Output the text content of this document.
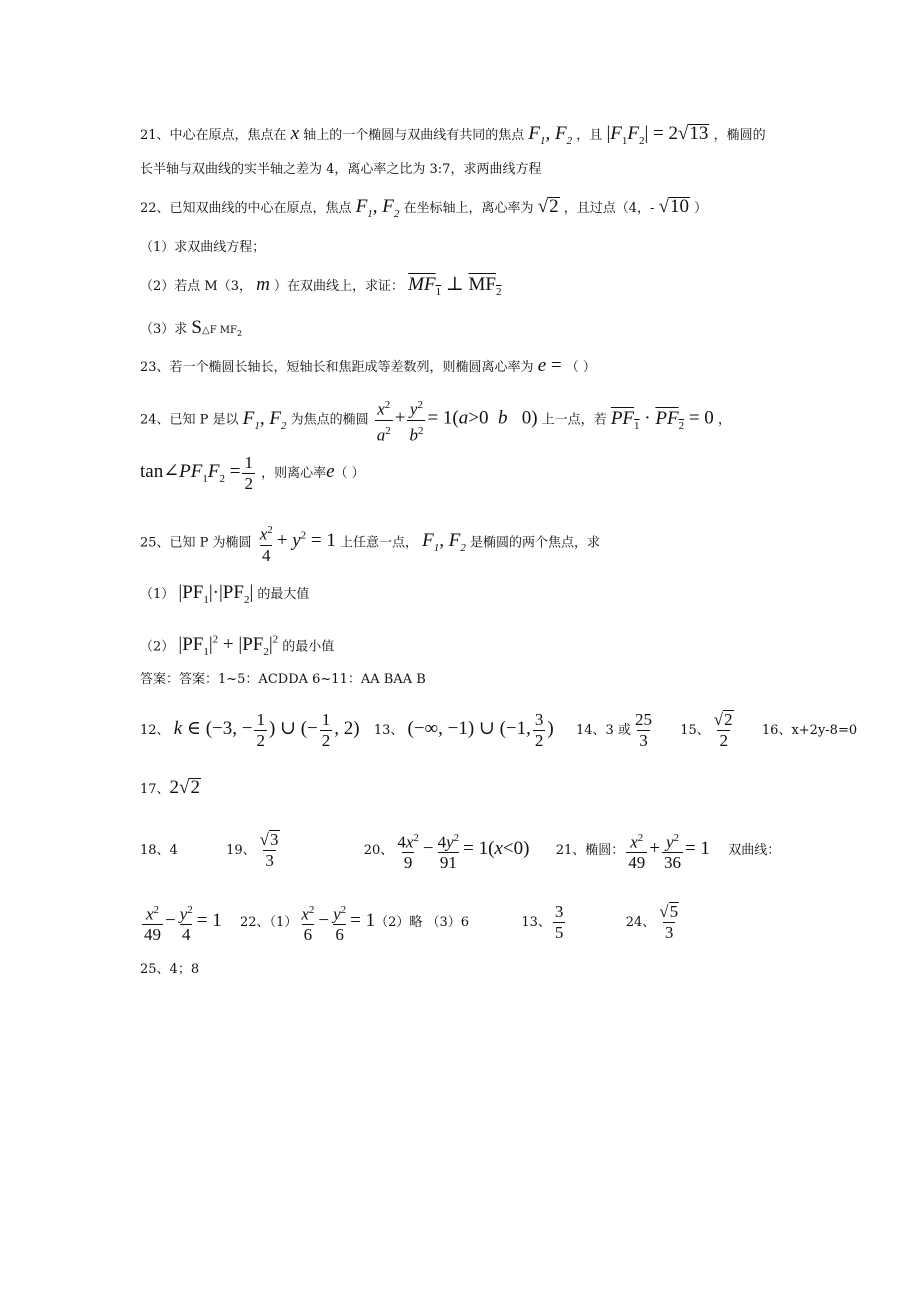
21、中心在原点，焦点在 x 轴上的一个椭圆与双曲线有共同的焦点 $F_1$, $F_2$ ，且 $|F_1F_2| = 2√13$ ，椭圆的
长半轴与双曲线的实半轴之差为 4，离心率之比为 3:7，求两曲线方程
22、已知双曲线的中心在原点，焦点 $F_1$, $F_2$ 在坐标轴上，离心率为 √2 ，且过点（4，- √10 ）
（1）求双曲线方程；
（2）若点 M（3， m ）在双曲线上，求证： $MF_1$ ⊥ $MF_2$
（3）求 S△F $MF_2$
23、若一个椭圆长轴长，短轴长和焦距成等差数列，则椭圆离心率为 e = （ ）
24、已知 P 是以 $F_1$, $F_2$ 为焦点的椭圆 $\frac{x^2}{a^2} + \frac{y^2}{b^2} = 1(a>0$  b   0) 上一点，若 $PF_1 \cdot PF_2 = 0$ ，
$\tan\angle PF_1F_2 = \frac{1}{2}$ ，则离心率e（ ）
25、已知 P 为椭圆 $\frac{x^2}{4} + y^2 = 1$ 上任意一点， $F_1$, $F_2$ 是椭圆的两个焦点，求
（1） $|PF_1|\cdot|PF_2|$ 的最大值
（2） $|PF_1|^2 + |PF_2|^2$ 的最小值
答案：答案：1~5：ACDDA 6~11：AA BAA B
12、 k ∈ (−3, − $\frac{1}{2}$ ) ∪ (− $\frac{1}{2}$ , 2) 13、 (−∞, −1) ∪ (−1, $\frac{3}{2}$ ) 14、3 或 $\frac{25}{3} 15$、 $\frac{√2}{2} 16$、x+2y-8=0
17、2√2
18、4	19、 $\frac{√3}{3}$	20、 $\frac{4x^2}{9} - \frac{4y^2}{91} = 1(x<0)$ 21、椭圆： $\frac{x^2}{49} + \frac{y^2}{36} = 1$ 双曲线：
$\frac{x^2}{49} - \frac{y^2}{4} = 1$ 22、$(1) \frac{x^2}{6} - \frac{y^2}{6} = 1(2)$略 （3）6	13、 $\frac{3}{5}$	24、 $\frac{√5}{3}$
25、4；8
